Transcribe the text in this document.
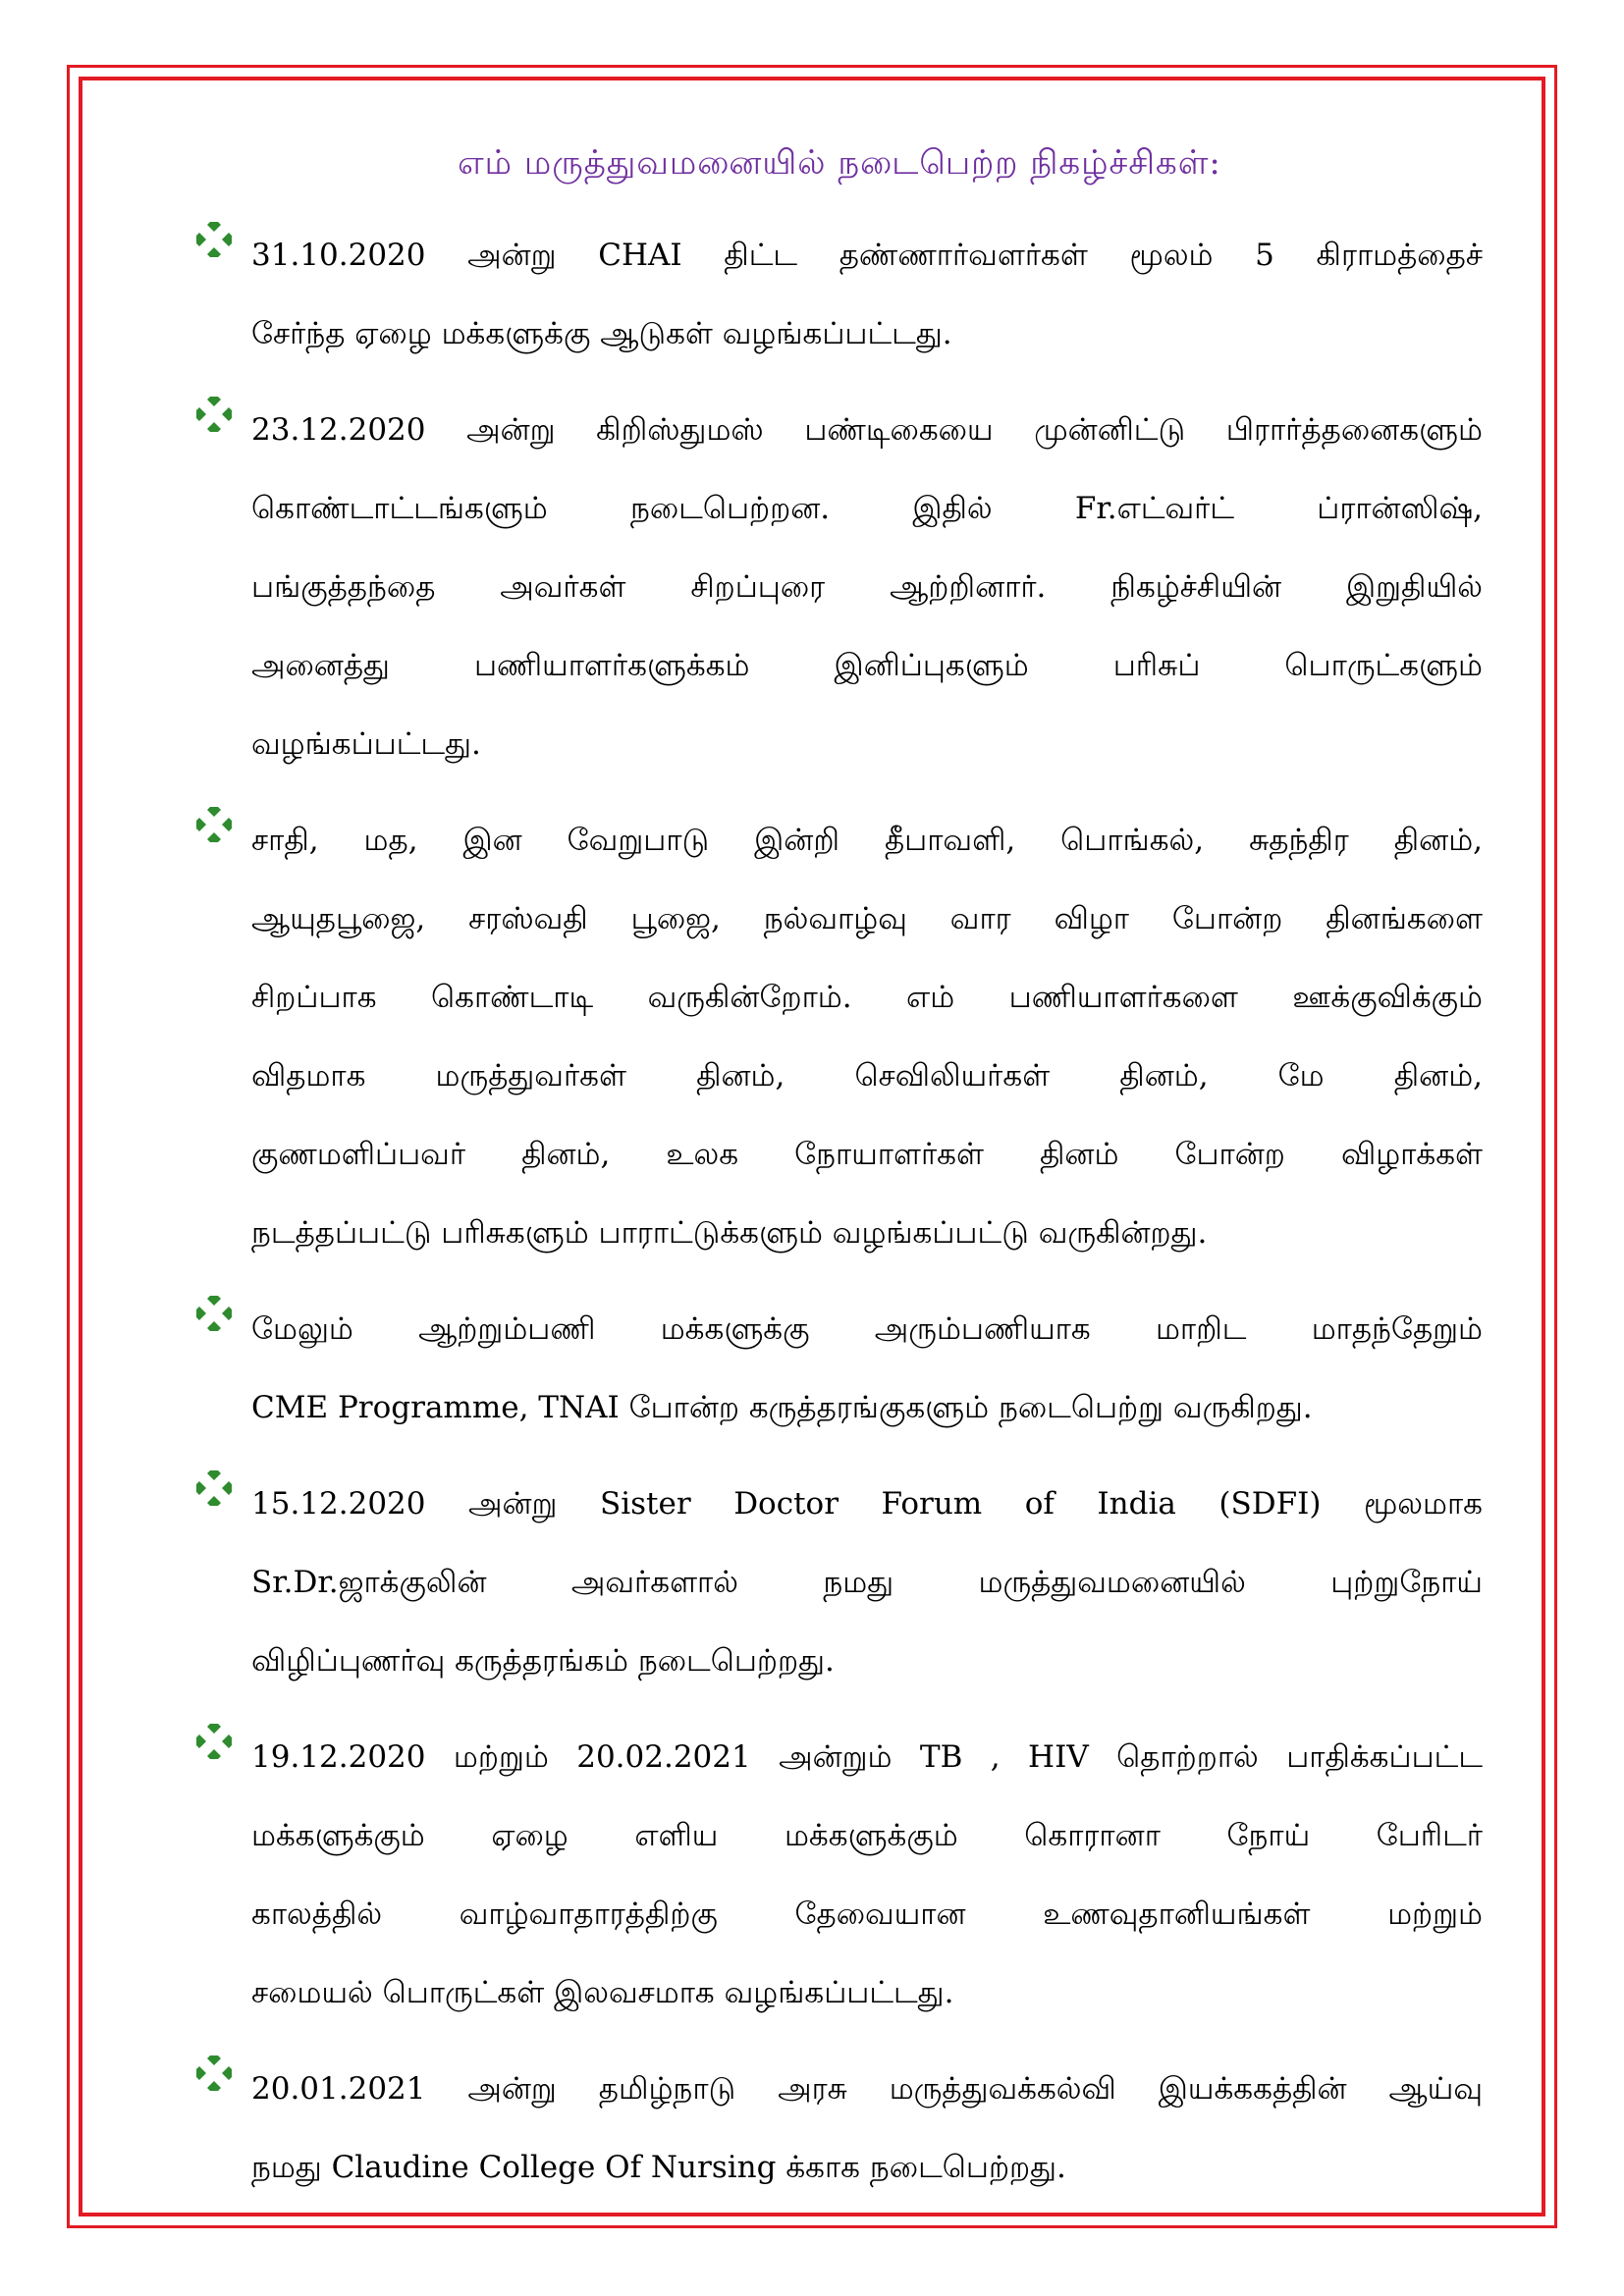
எம் மருத்துவமனையில் நடைபெற்ற நிகழ்ச்சிகள்:
31.10.2020 அன்று CHAI திட்ட தண்ணார்வளர்கள் மூலம் 5 கிராமத்தைச்
சேர்ந்த ஏழை மக்களுக்கு ஆடுகள் வழங்கப்பட்டது.
23.12.2020 அன்று கிறிஸ்துமஸ் பண்டிகையை முன்னிட்டு பிரார்த்தனைகளும்
கொண்டாட்டங்களும் நடைபெற்றன. இதில் Fr.எட்வர்ட் ப்ரான்ஸிஷ்,
பங்குத்தந்தை அவர்கள் சிறப்புரை ஆற்றினார். நிகழ்ச்சியின் இறுதியில்
அனைத்து பணியாளர்களுக்கம் இனிப்புகளும் பரிசுப் பொருட்களும்
வழங்கப்பட்டது.
சாதி, மத, இன வேறுபாடு இன்றி தீபாவளி, பொங்கல், சுதந்திர தினம்,
ஆயுதபூஜை, சரஸ்வதி பூஜை, நல்வாழ்வு வார விழா போன்ற தினங்களை
சிறப்பாக கொண்டாடி வருகின்றோம். எம் பணியாளர்களை ஊக்குவிக்கும்
விதமாக மருத்துவர்கள் தினம், செவிலியர்கள் தினம், மே தினம்,
குணமளிப்பவர் தினம், உலக நோயாளர்கள் தினம் போன்ற விழாக்கள்
நடத்தப்பட்டு பரிசுகளும் பாராட்டுக்களும் வழங்கப்பட்டு வருகின்றது.
மேலும் ஆற்றும்பணி மக்களுக்கு அரும்பணியாக மாறிட மாதந்தேறும்
CME Programme, TNAI போன்ற கருத்தரங்குகளும் நடைபெற்று வருகிறது.
15.12.2020 அன்று Sister Doctor Forum of India (SDFI) மூலமாக
Sr.Dr.ஜாக்குலின் அவர்களால் நமது மருத்துவமனையில் புற்றுநோய்
விழிப்புணர்வு கருத்தரங்கம் நடைபெற்றது.
19.12.2020 மற்றும் 20.02.2021 அன்றும் TB , HIV தொற்றால் பாதிக்கப்பட்ட
மக்களுக்கும் ஏழை எளிய மக்களுக்கும் கொரானா நோய் பேரிடர்
காலத்தில் வாழ்வாதாரத்திற்கு தேவையான உணவுதானியங்கள் மற்றும்
சமையல் பொருட்கள் இலவசமாக வழங்கப்பட்டது.
20.01.2021 அன்று தமிழ்நாடு அரசு மருத்துவக்கல்வி இயக்ககத்தின் ஆய்வு
நமது Claudine College Of Nursing க்காக நடைபெற்றது.
